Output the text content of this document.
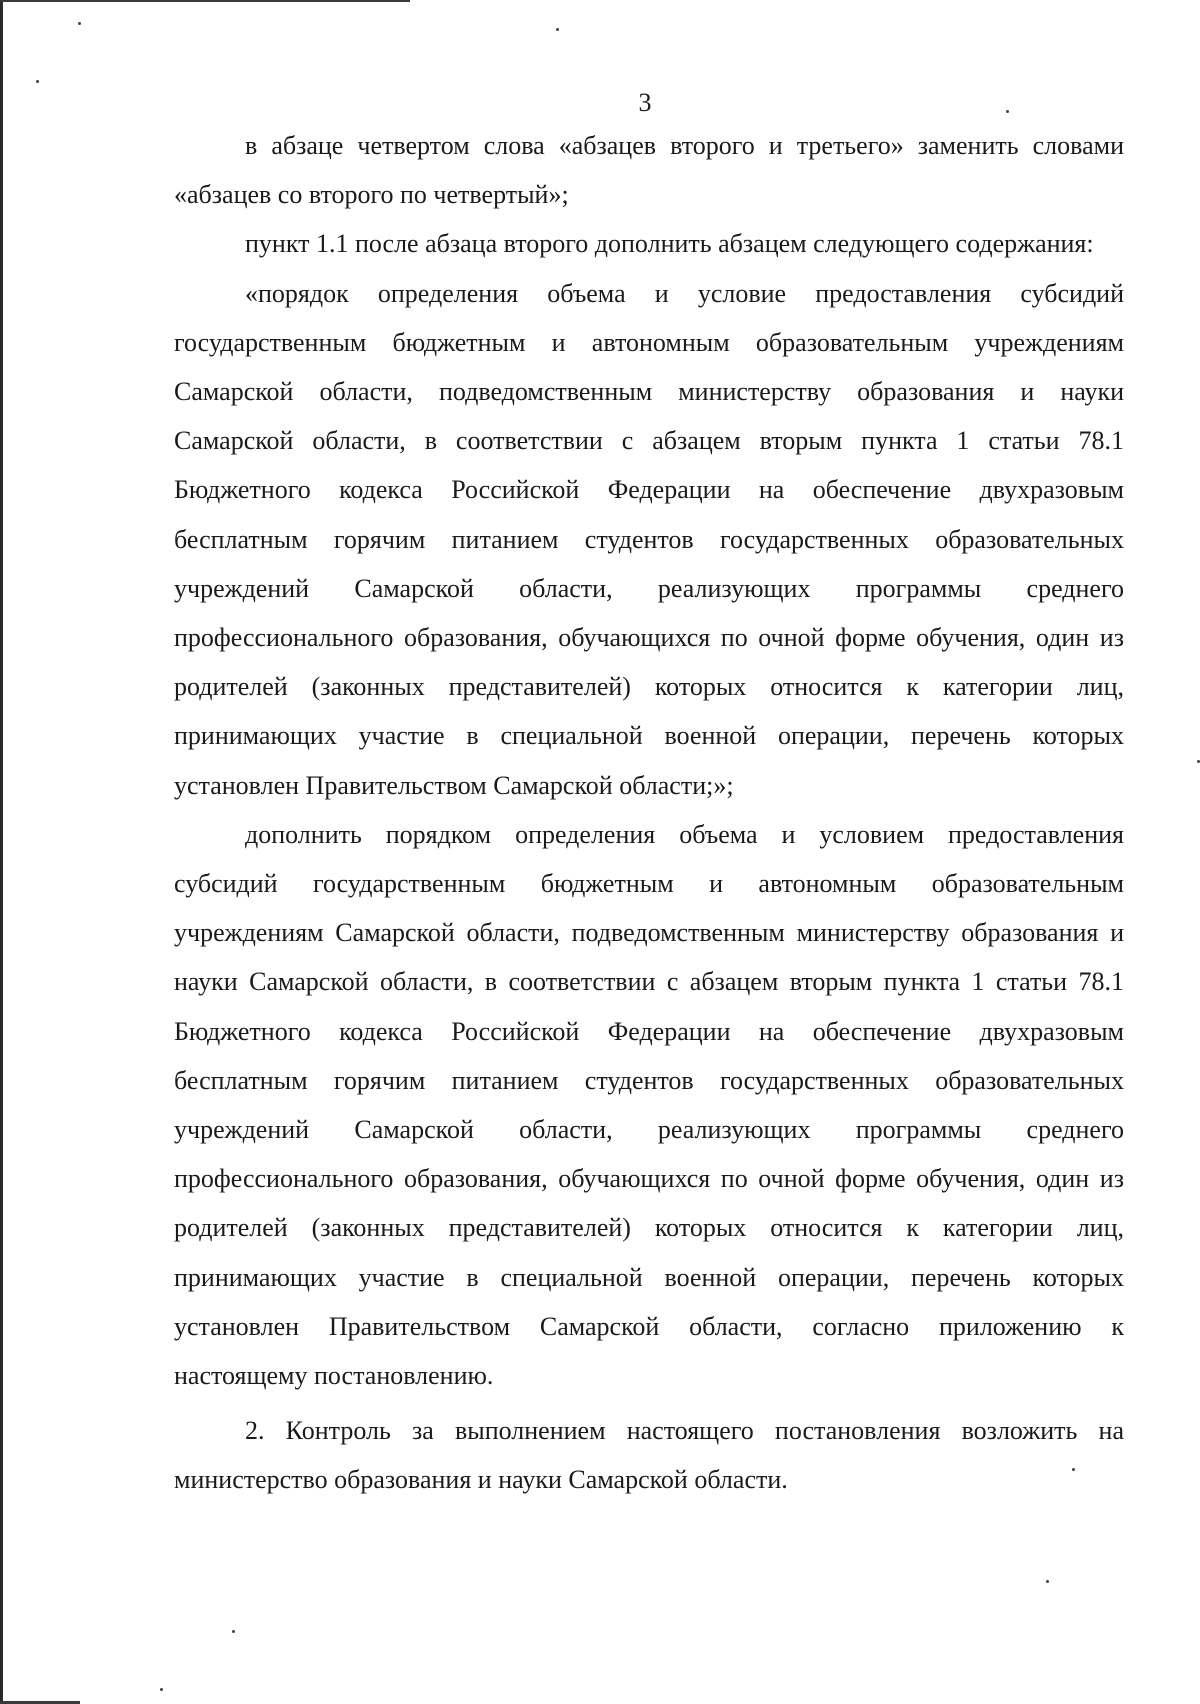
3

в абзаце четвертом слова «абзацев второго и третьего» заменить словами «абзацев со второго по четвертый»;

пункт 1.1 после абзаца второго дополнить абзацем следующего содержания:

«порядок определения объема и условие предоставления субсидий государственным бюджетным и автономным образовательным учреждениям Самарской области, подведомственным министерству образования и науки Самарской области, в соответствии с абзацем вторым пункта 1 статьи 78.1 Бюджетного кодекса Российской Федерации на обеспечение двухразовым бесплатным горячим питанием студентов государственных образовательных учреждений Самарской области, реализующих программы среднего профессионального образования, обучающихся по очной форме обучения, один из родителей (законных представителей) которых относится к категории лиц, принимающих участие в специальной военной операции, перечень которых установлен Правительством Самарской области;»;

дополнить порядком определения объема и условием предоставления субсидий государственным бюджетным и автономным образовательным учреждениям Самарской области, подведомственным министерству образования и науки Самарской области, в соответствии с абзацем вторым пункта 1 статьи 78.1 Бюджетного кодекса Российской Федерации на обеспечение двухразовым бесплатным горячим питанием студентов государственных образовательных учреждений Самарской области, реализующих программы среднего профессионального образования, обучающихся по очной форме обучения, один из родителей (законных представителей) которых относится к категории лиц, принимающих участие в специальной военной операции, перечень которых установлен Правительством Самарской области, согласно приложению к настоящему постановлению.

2. Контроль за выполнением настоящего постановления возложить на министерство образования и науки Самарской области.
